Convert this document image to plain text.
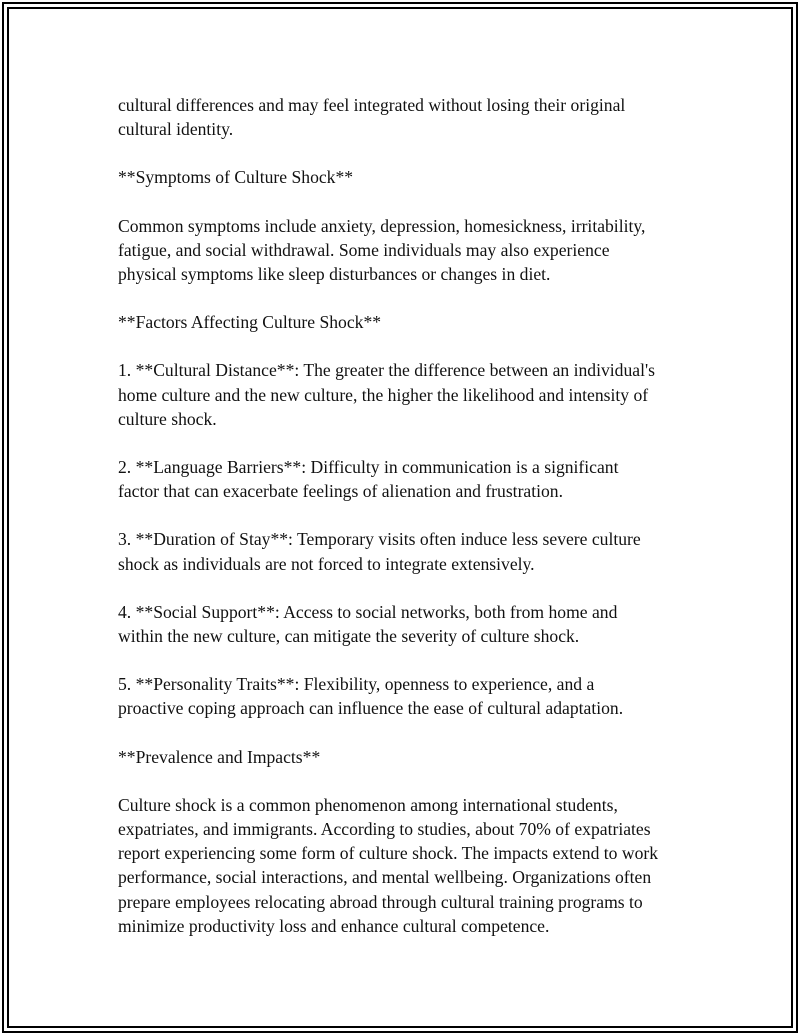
cultural differences and may feel integrated without losing their original
cultural identity.

**Symptoms of Culture Shock**

Common symptoms include anxiety, depression, homesickness, irritability,
fatigue, and social withdrawal. Some individuals may also experience
physical symptoms like sleep disturbances or changes in diet.

**Factors Affecting Culture Shock**

1. **Cultural Distance**: The greater the difference between an individual's
home culture and the new culture, the higher the likelihood and intensity of
culture shock.

2. **Language Barriers**: Difficulty in communication is a significant
factor that can exacerbate feelings of alienation and frustration.

3. **Duration of Stay**: Temporary visits often induce less severe culture
shock as individuals are not forced to integrate extensively.

4. **Social Support**: Access to social networks, both from home and
within the new culture, can mitigate the severity of culture shock.

5. **Personality Traits**: Flexibility, openness to experience, and a
proactive coping approach can influence the ease of cultural adaptation.

**Prevalence and Impacts**

Culture shock is a common phenomenon among international students,
expatriates, and immigrants. According to studies, about 70% of expatriates
report experiencing some form of culture shock. The impacts extend to work
performance, social interactions, and mental wellbeing. Organizations often
prepare employees relocating abroad through cultural training programs to
minimize productivity loss and enhance cultural competence.
